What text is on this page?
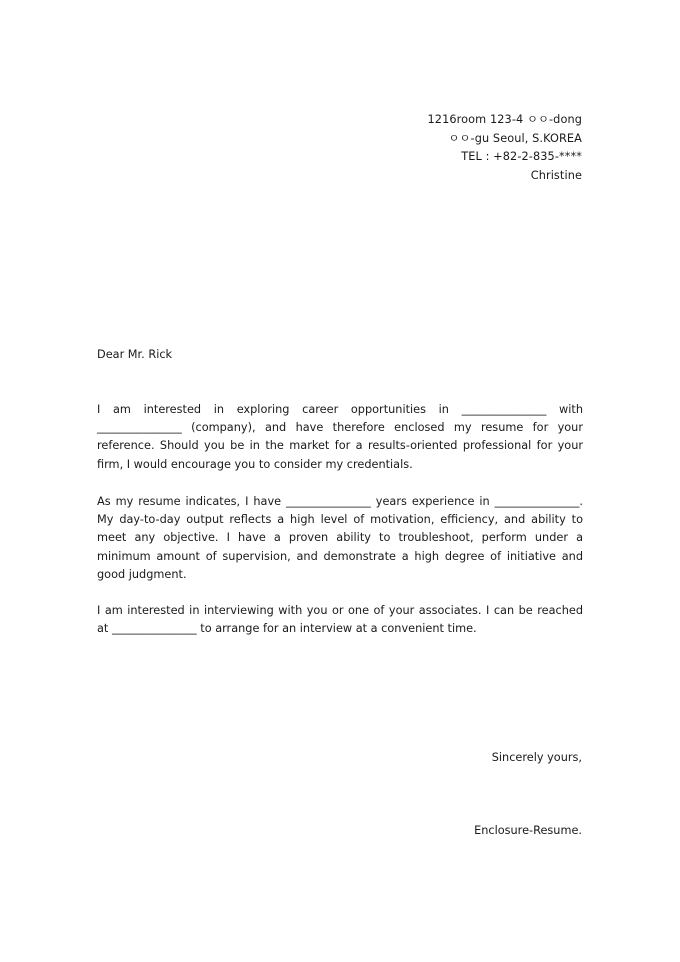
1216room 123-4 ㅇㅇ-dong
ㅇㅇ-gu Seoul, S.KOREA
TEL : +82-2-835-****
Christine
Dear Mr. Rick
I am interested in exploring career opportunities in _______________ with _______________ (company), and have therefore enclosed my resume for your reference. Should you be in the market for a results-oriented professional for your firm, I would encourage you to consider my credentials.
As my resume indicates, I have _______________ years experience in _______________. My day-to-day output reflects a high level of motivation, efficiency, and ability to meet any objective. I have a proven ability to troubleshoot, perform under a minimum amount of supervision, and demonstrate a high degree of initiative and good judgment.
I am interested in interviewing with you or one of your associates. I can be reached at _______________ to arrange for an interview at a convenient time.
Sincerely yours,
Enclosure-Resume.
